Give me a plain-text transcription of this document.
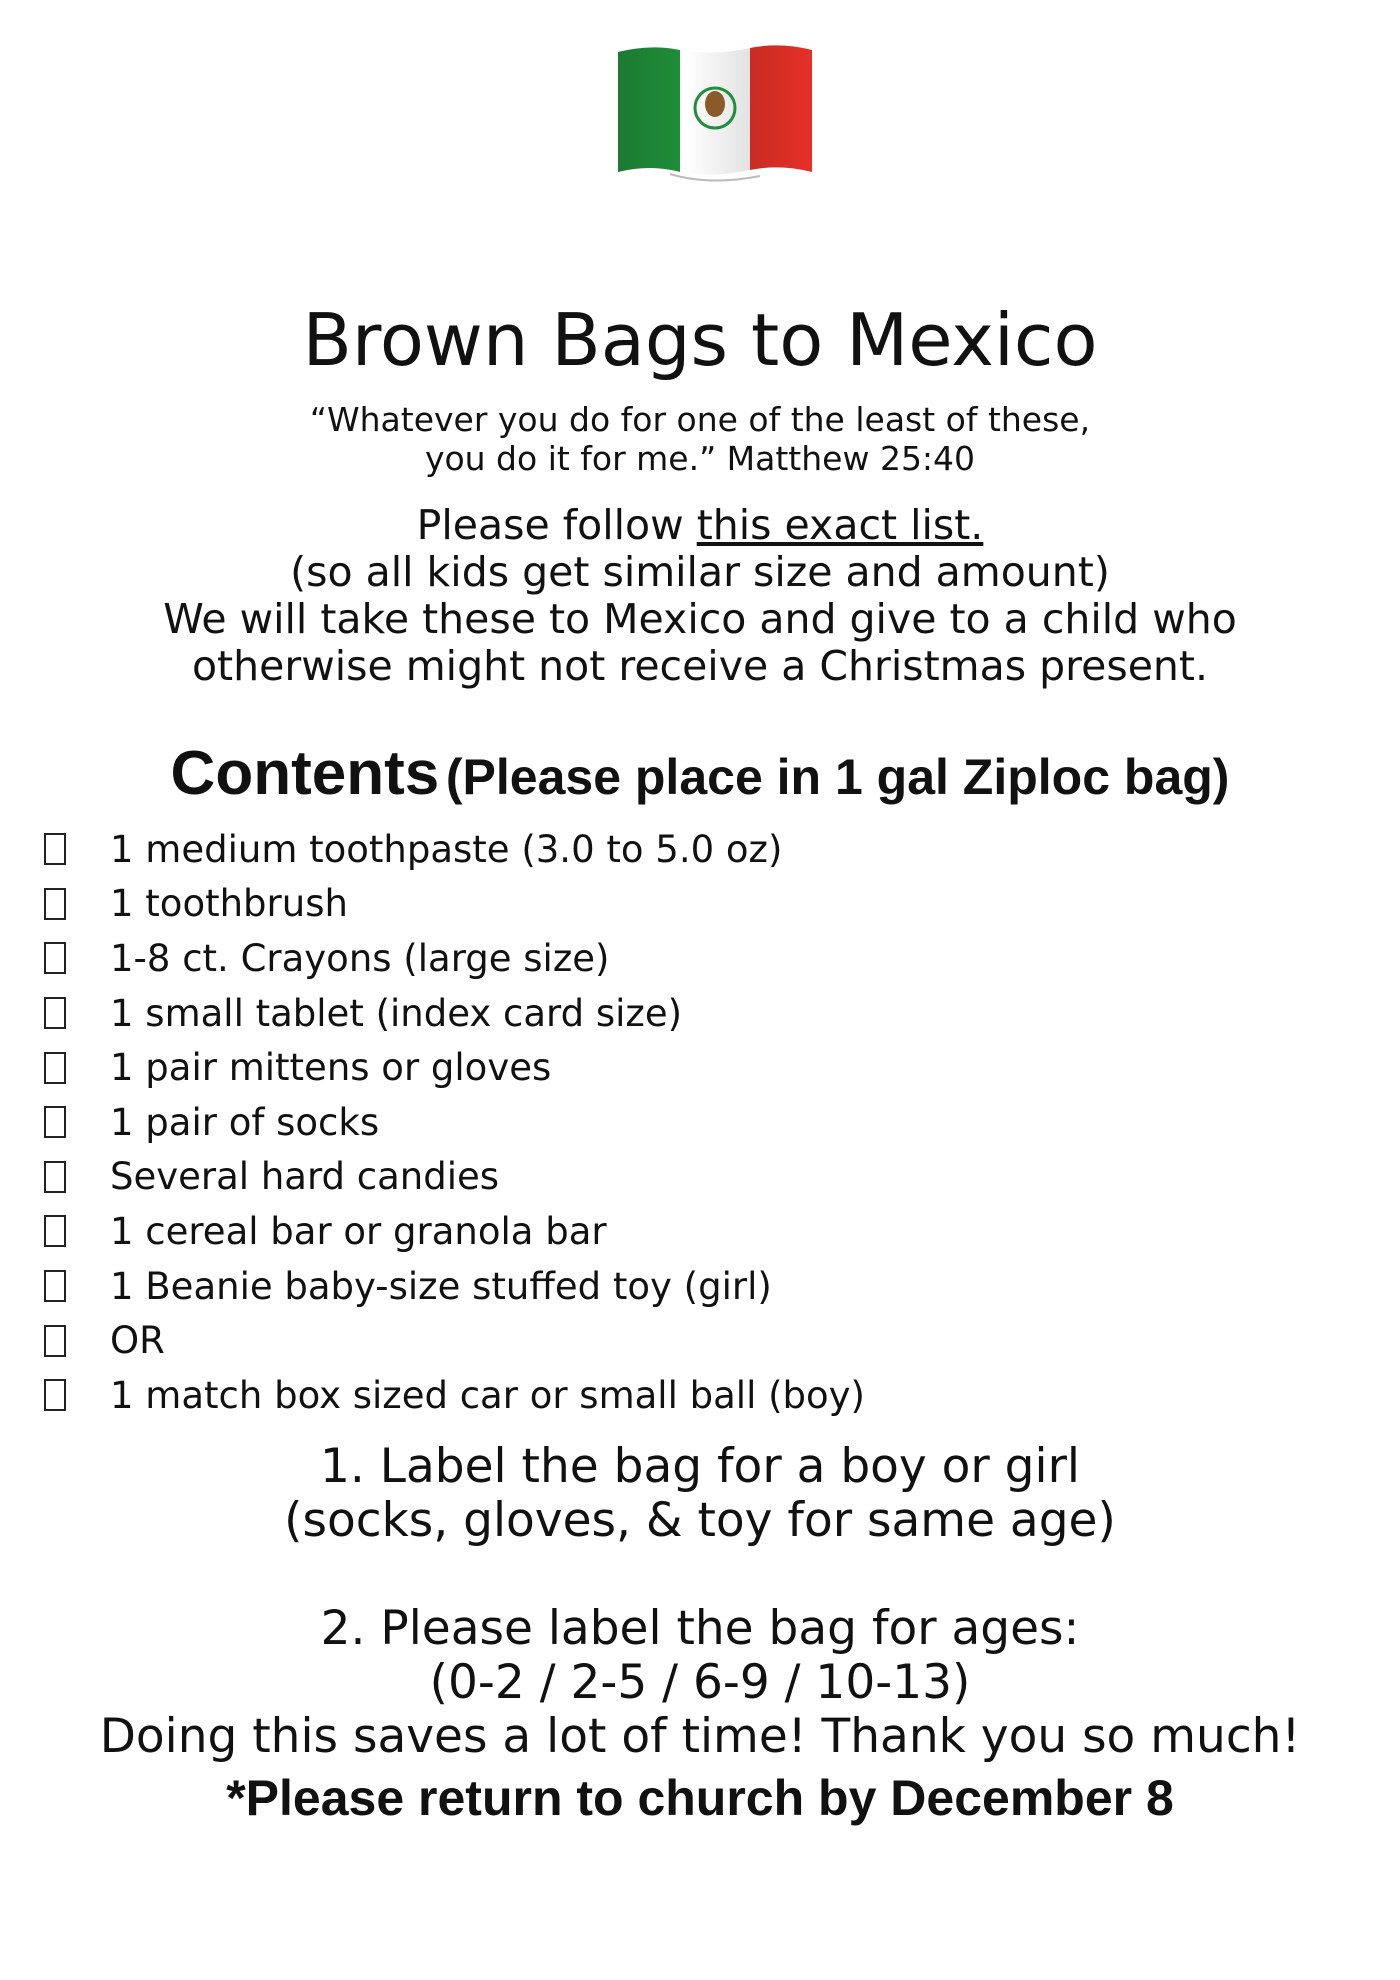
Brown Bags to Mexico
“Whatever you do for one of the least of these,
you do it for me.” Matthew 25:40
Please follow this exact list.
(so all kids get similar size and amount)
We will take these to Mexico and give to a child who
otherwise might not receive a Christmas present.
Contents (Please place in 1 gal Ziploc bag)
1 medium toothpaste (3.0 to 5.0 oz)
1 toothbrush
1-8 ct. Crayons (large size)
1 small tablet (index card size)
1 pair mittens or gloves
1 pair of socks
Several hard candies
1 cereal bar or granola bar
1 Beanie baby-size stuffed toy (girl)
OR
1 match box sized car or small ball (boy)
1. Label the bag for a boy or girl
(socks, gloves, & toy for same age)
2. Please label the bag for ages:
(0-2 / 2-5 / 6-9 / 10-13)
Doing this saves a lot of time! Thank you so much!
*Please return to church by December 8
